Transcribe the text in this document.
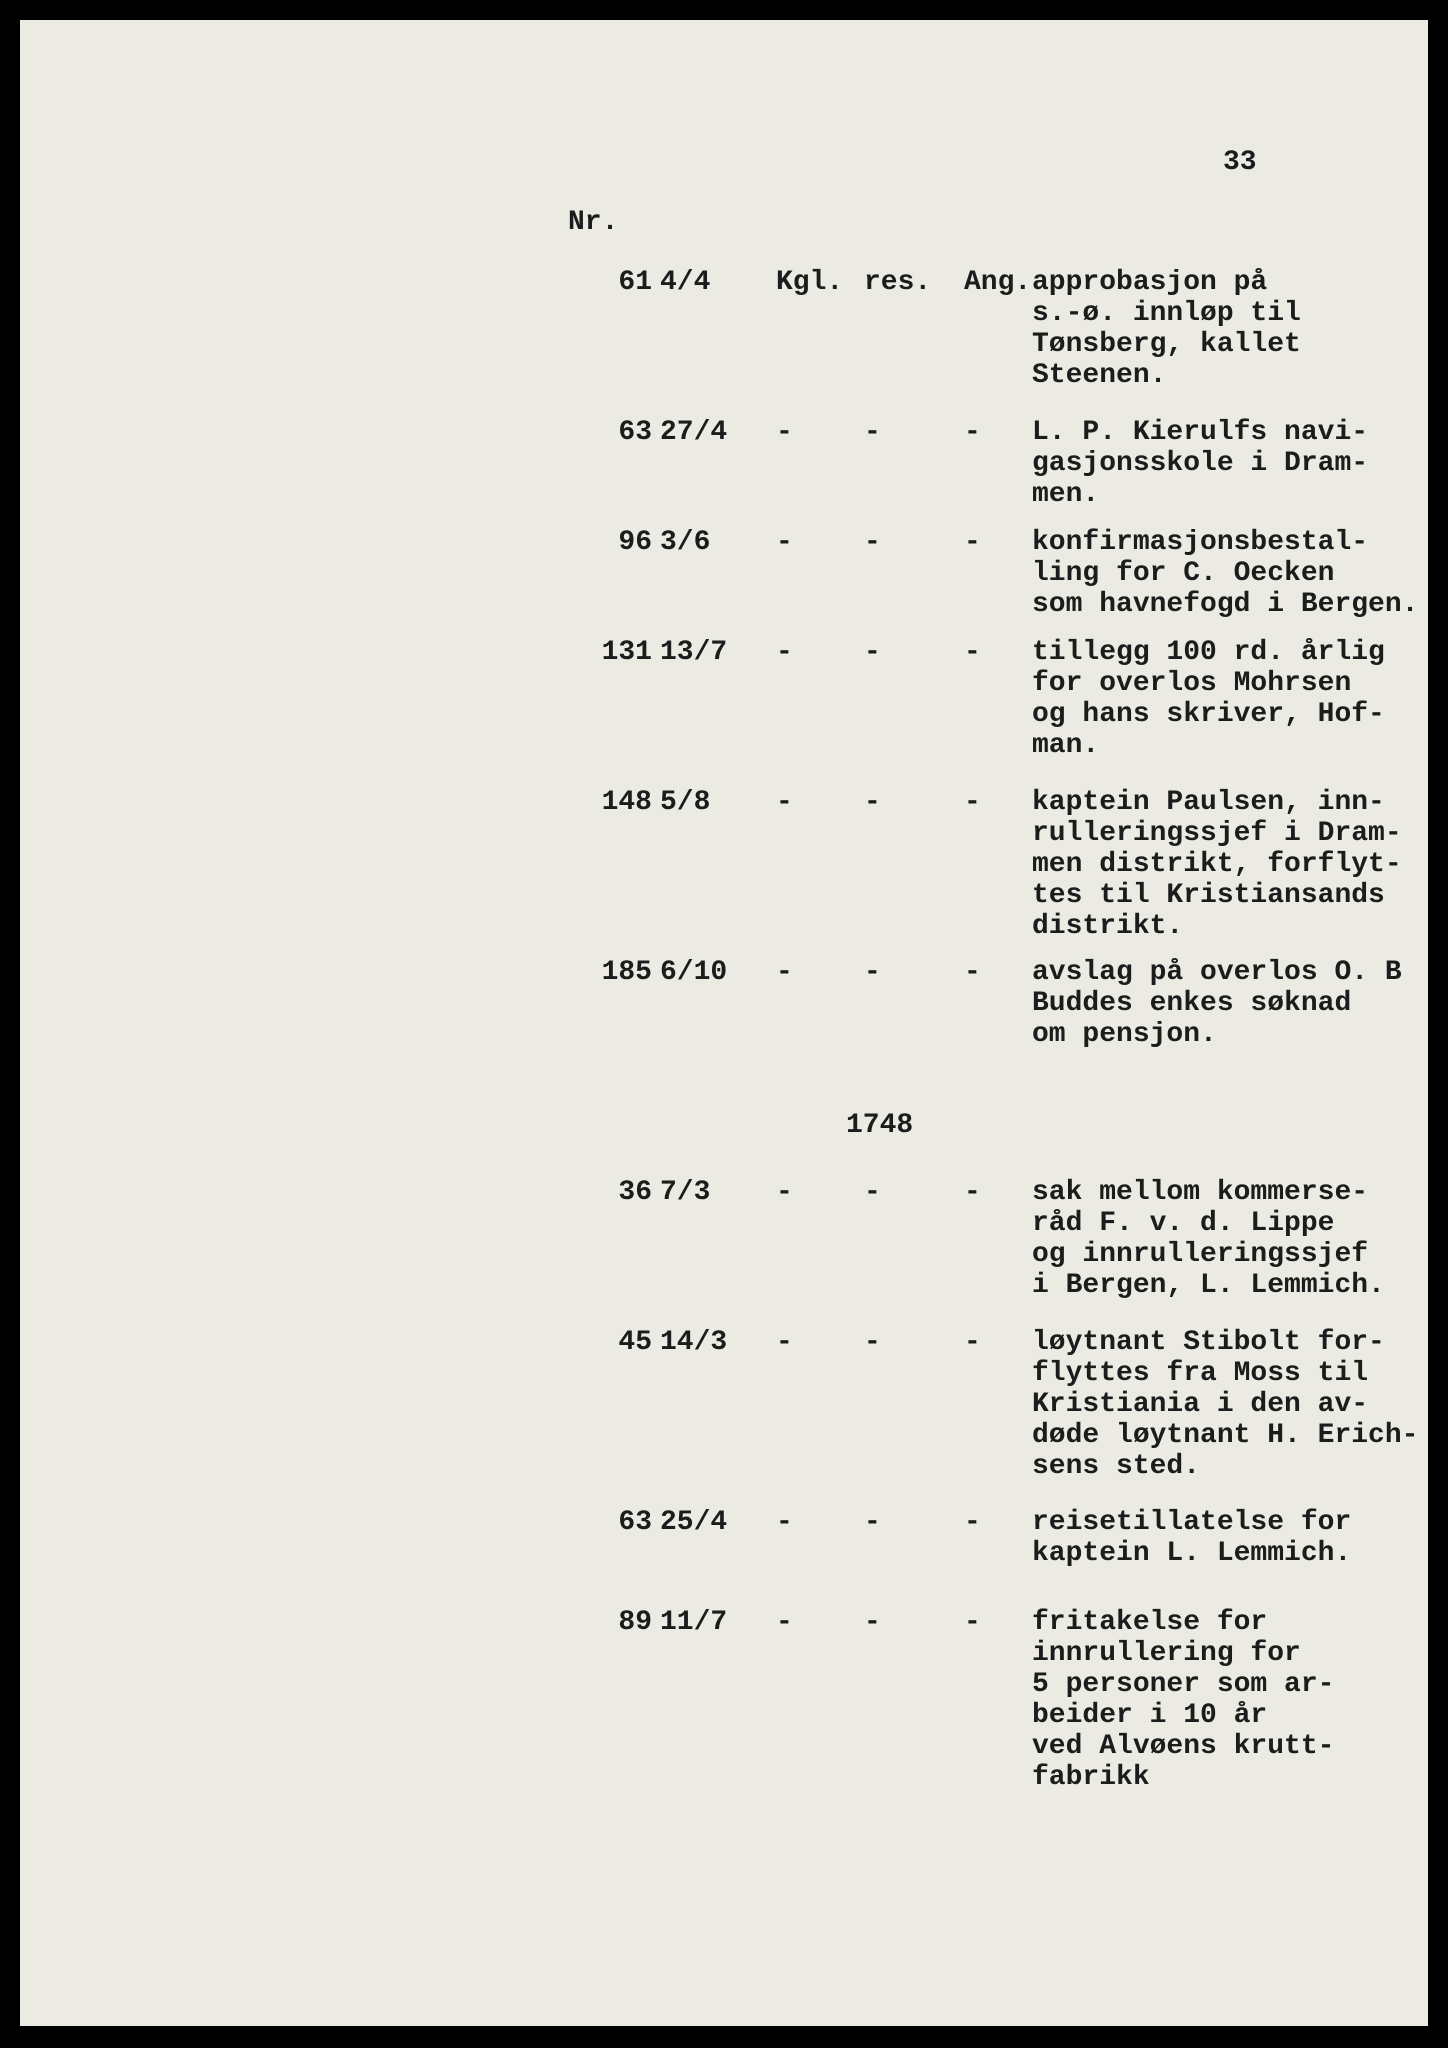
33
Nr.
61 4/4 Kgl. res. Ang. approbasjon på
s.-ø. innløp til
Tønsberg, kallet
Steenen.
63 27/4 -	-	- L. P. Kierulfs navi-
gasjonsskole i Dram-
men.
96 3/6 -	-	- konfirmasjonsbestal-
ling for C. Oecken
som havnefogd i Bergen.
131 13/7 -	-	- tillegg 100 rd. årlig
for overlos Mohrsen
og hans skriver, Hof-
man.
148 5/8 -	-	- kaptein Paulsen, inn-
rulleringssjef i Dram-
men distrikt, forflyt-
tes til Kristiansands
distrikt.
185 6/10 -	-	- avslag på overlos O. B
Buddes enkes søknad
om pensjon.
1748
36 7/3 -	-	- sak mellom kommerse-
råd F. v. d. Lippe
og innrulleringssjef
i Bergen, L. Lemmich.
45 14/3 -	-	- løytnant Stibolt for-
flyttes fra Moss til
Kristiania i den av-
døde løytnant H. Erich-
sens sted.
63 25/4 -	-	- reisetillatelse for
kaptein L. Lemmich.
89 11/7 -	-	- fritakelse for
innrullering for
5 personer som ar-
beider i 10 år
ved Alvøens krutt-
fabrikk
